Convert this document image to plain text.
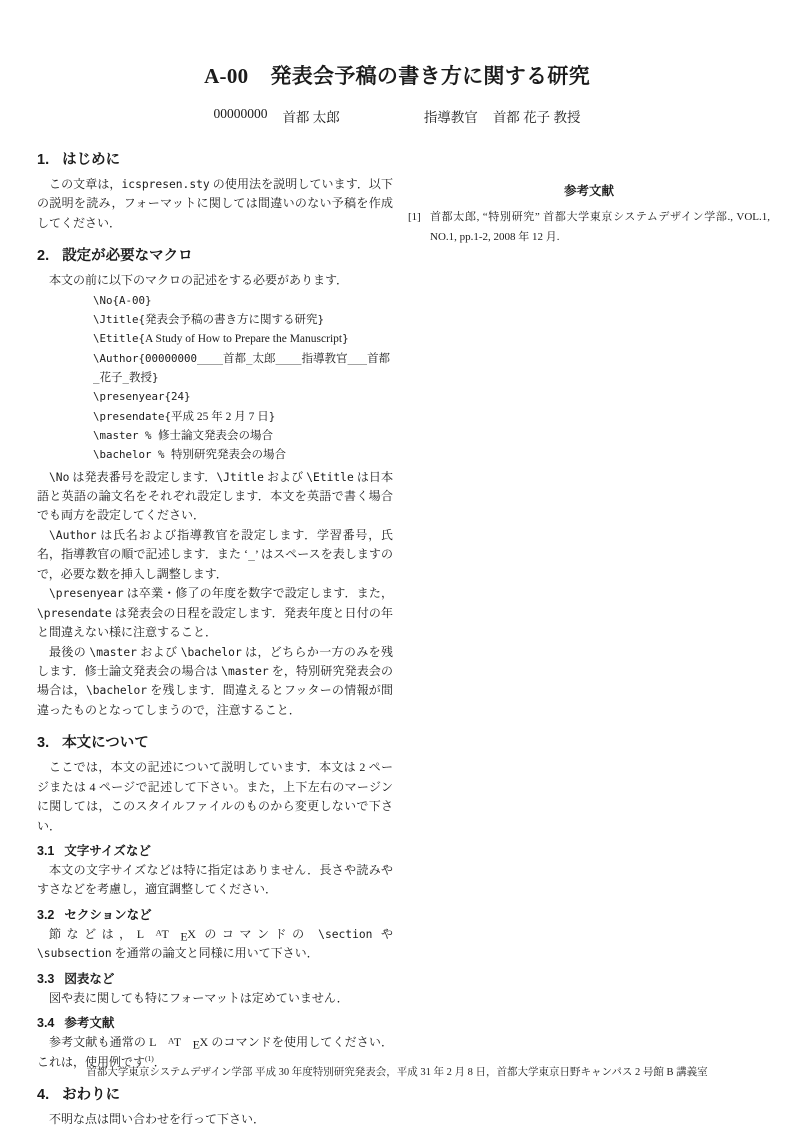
A-00 発表会予稿の書き方に関する研究
00000000 首都 太郎	指導教官 首都 花子 教授
1. はじめに

この文章は，icspresen.sty の使用法を説明しています．以下の説明を読み，フォーマットに関しては間違いのない予稿を作成してください．

2. 設定が必要なマクロ

本文の前に以下のマクロの記述をする必要があります．

\No{A-00}
\Jtitle{発表会予稿の書き方に関する研究}
\Etitle{A Study of How to Prepare the Manuscript}
\Author{00000000____首都_太郎____指導教官___首都_花子_教授}
\presenyear{24}
\presendate{平成 25 年 2 月 7 日}
\master % 修士論文発表会の場合
\bachelor % 特別研究発表会の場合

\No は発表番号を設定します．\Jtitle および \Etitle は日本語と英語の論文名をそれぞれ設定します．本文を英語で書く場合でも両方を設定してください．

\Author は氏名および指導教官を設定します．学習番号，氏名，指導教官の順で記述します．また ‘_’ はスペースを表しますので，必要な数を挿入し調整します．

\presenyear は卒業・修了の年度を数字で設定します．また，\presendate は発表会の日程を設定します．発表年度と日付の年と間違えない様に注意すること．

最後の \master および \bachelor は，どちらか一方のみを残します．修士論文発表会の場合は \master を，特別研究発表会の場合は，\bachelor を残します．間違えるとフッターの情報が間違ったものとなってしまうので，注意すること．

3. 本文について

ここでは，本文の記述について説明しています．本文は 2 ページまたは 4 ページで記述して下さい。また，上下左右のマージンに関しては，このスタイルファイルのものから変更しないで下さい．

3.1 文字サイズなど

本文の文字サイズなどは特に指定はありません．長さや読みやすさなどを考慮し，適宜調整してください．

3.2 セクションなど

節などは，L AT EX のコマンドの \section や \subsection を通常の論文と同様に用いて下さい．

3.3 図表など

図や表に関しても特にフォーマットは定めていません．

3.4 参考文献

参考文献も通常の L AT EX のコマンドを使用してください．これは，使用例です$^{(1)}$．

4. おわりに

不明な点は問い合わせを行って下さい．

参考文献
[1] 首都太郎, “特別研究” 首都大学東京システムデザイン学部., VOL.1, NO.1, pp.1-2, 2008 年 12 月.
首都大学東京システムデザイン学部 平成 30 年度特別研究発表会，平成 31 年 2 月 8 日，首都大学東京日野キャンパス 2 号館 B 講義室
